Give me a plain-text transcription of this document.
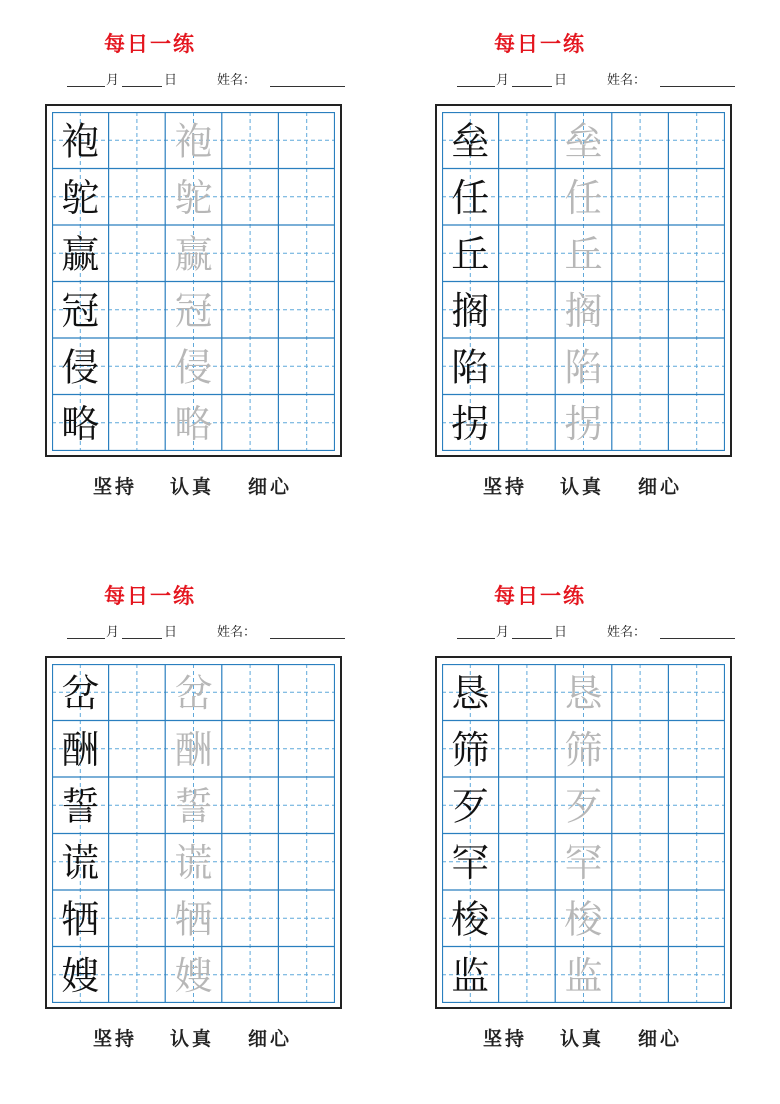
每日一练
月	日	姓名：
袍 袍
鸵 鸵
赢 赢
冠 冠
侵 侵
略 略
坚持 认真 细心
每日一练
月	日	姓名：
垒 垒
任 任
丘 丘
搁 搁
陷 陷
拐 拐
坚持 认真 细心
每日一练
月	日	姓名：
岔 岔
酬 酬
誓 誓
谎 谎
牺 牺
嫂 嫂
坚持 认真 细心
每日一练
月	日	姓名：
恳 恳
筛 筛
歹 歹
罕 罕
梭 梭
监 监
坚持 认真 细心
